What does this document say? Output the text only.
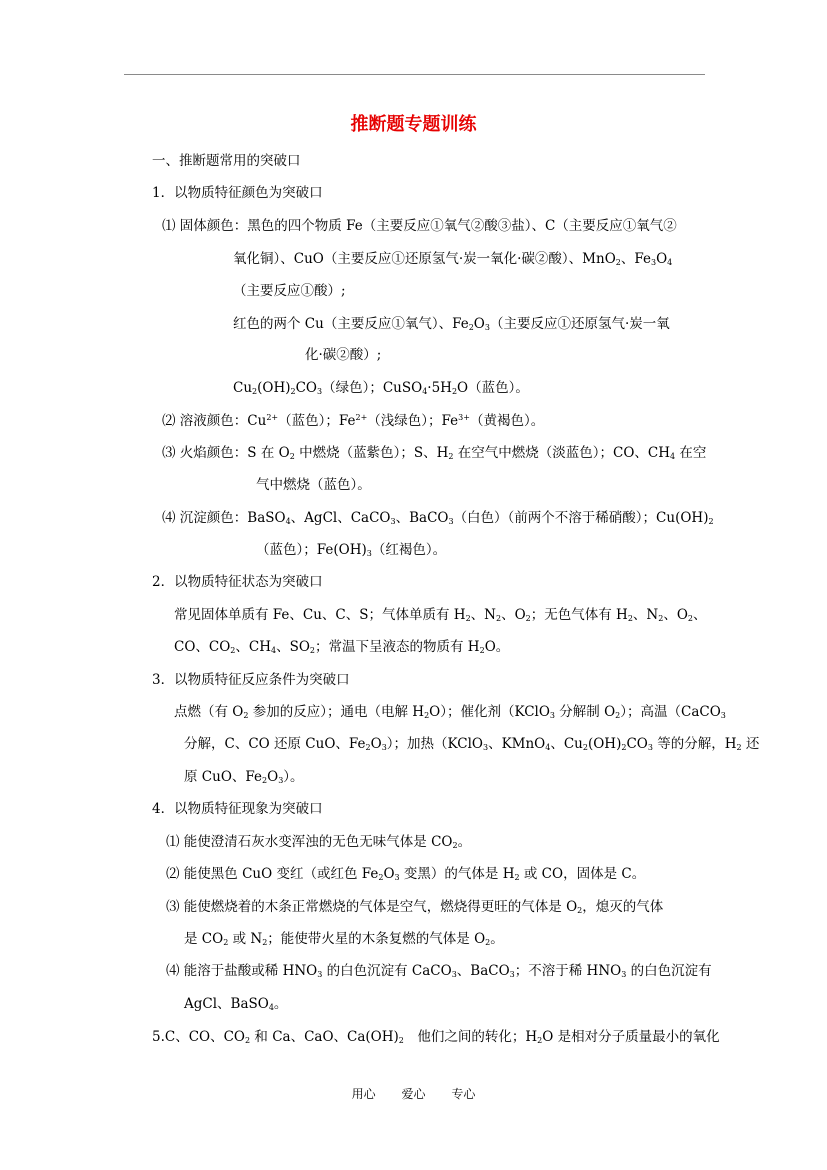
推断题专题训练
一、推断题常用的突破口
1．以物质特征颜色为突破口
⑴ 固体颜色：黑色的四个物质 Fe（主要反应①氧气②酸③盐）、C（主要反应①氧气②
氧化铜）、CuO（主要反应①还原氢气·炭一氧化·碳②酸）、MnO$_2$、$Fe_3O_4$
（主要反应①酸）;
红色的两个 Cu（主要反应①氧气）、$Fe_2O_3$（主要反应①还原氢气·炭一氧
化·碳②酸）;
$Cu_2(OH)_2CO_3$（绿色）；$CuSO_4\cdot 5H_2O$（蓝色）。
⑵ 溶液颜色：$Cu^{2+}$（蓝色）；$Fe^{2+}$（浅绿色）；$Fe^{3+}$（黄褐色）。
⑶ 火焰颜色：S 在 $O_2$ 中燃烧（蓝紫色）；S、$H_2$ 在空气中燃烧（淡蓝色）；CO、$CH_4$ 在空
气中燃烧（蓝色）。
⑷ 沉淀颜色：BaSO$_4$、AgCl、CaCO$_3$、BaCO$_3$（白色）（前两个不溶于稀硝酸）；$Cu(OH)_2$
（蓝色）；$Fe(OH)_3$（红褐色）。
2．以物质特征状态为突破口
常见固体单质有 Fe、Cu、C、S；气体单质有 $H_2$、$N_2$、$O_2$；无色气体有 $H_2$、$N_2$、$O_2$、
CO、$CO_2$、$CH_4$、$SO_2$；常温下呈液态的物质有 $H_2O$。
3．以物质特征反应条件为突破口
点燃（有 $O_2$ 参加的反应）；通电（电解 $H_2O$）；催化剂（KClO$_3$ 分解制 $O_2$）；高温（CaCO$_3$
分解，C、CO 还原 CuO、$Fe_2O_3$）；加热（KClO$_3$、KMnO$_4$、$Cu_2(OH)_2CO_3$ 等的分解，$H_2$ 还
原 CuO、$Fe_2O_3$）。
4．以物质特征现象为突破口
⑴ 能使澄清石灰水变浑浊的无色无味气体是 $CO_2$。
⑵ 能使黑色 CuO 变红（或红色 $Fe_2O_3$ 变黑）的气体是 $H_2$ 或 CO，固体是 C。
⑶ 能使燃烧着的木条正常燃烧的气体是空气，燃烧得更旺的气体是 $O_2$，熄灭的气体
是 $CO_2$ 或 $N_2$；能使带火星的木条复燃的气体是 $O_2$。
⑷ 能溶于盐酸或稀 $HNO_3$ 的白色沉淀有 CaCO$_3$、BaCO$_3$；不溶于稀 $HNO_3$ 的白色沉淀有
AgCl、BaSO$_4$。
5.C、CO、$CO_2$ 和 Ca、CaO、$Ca(OH)_2$　他们之间的转化；$H_2O$ 是相对分子质量最小的氧化
用心 爱心 专心
